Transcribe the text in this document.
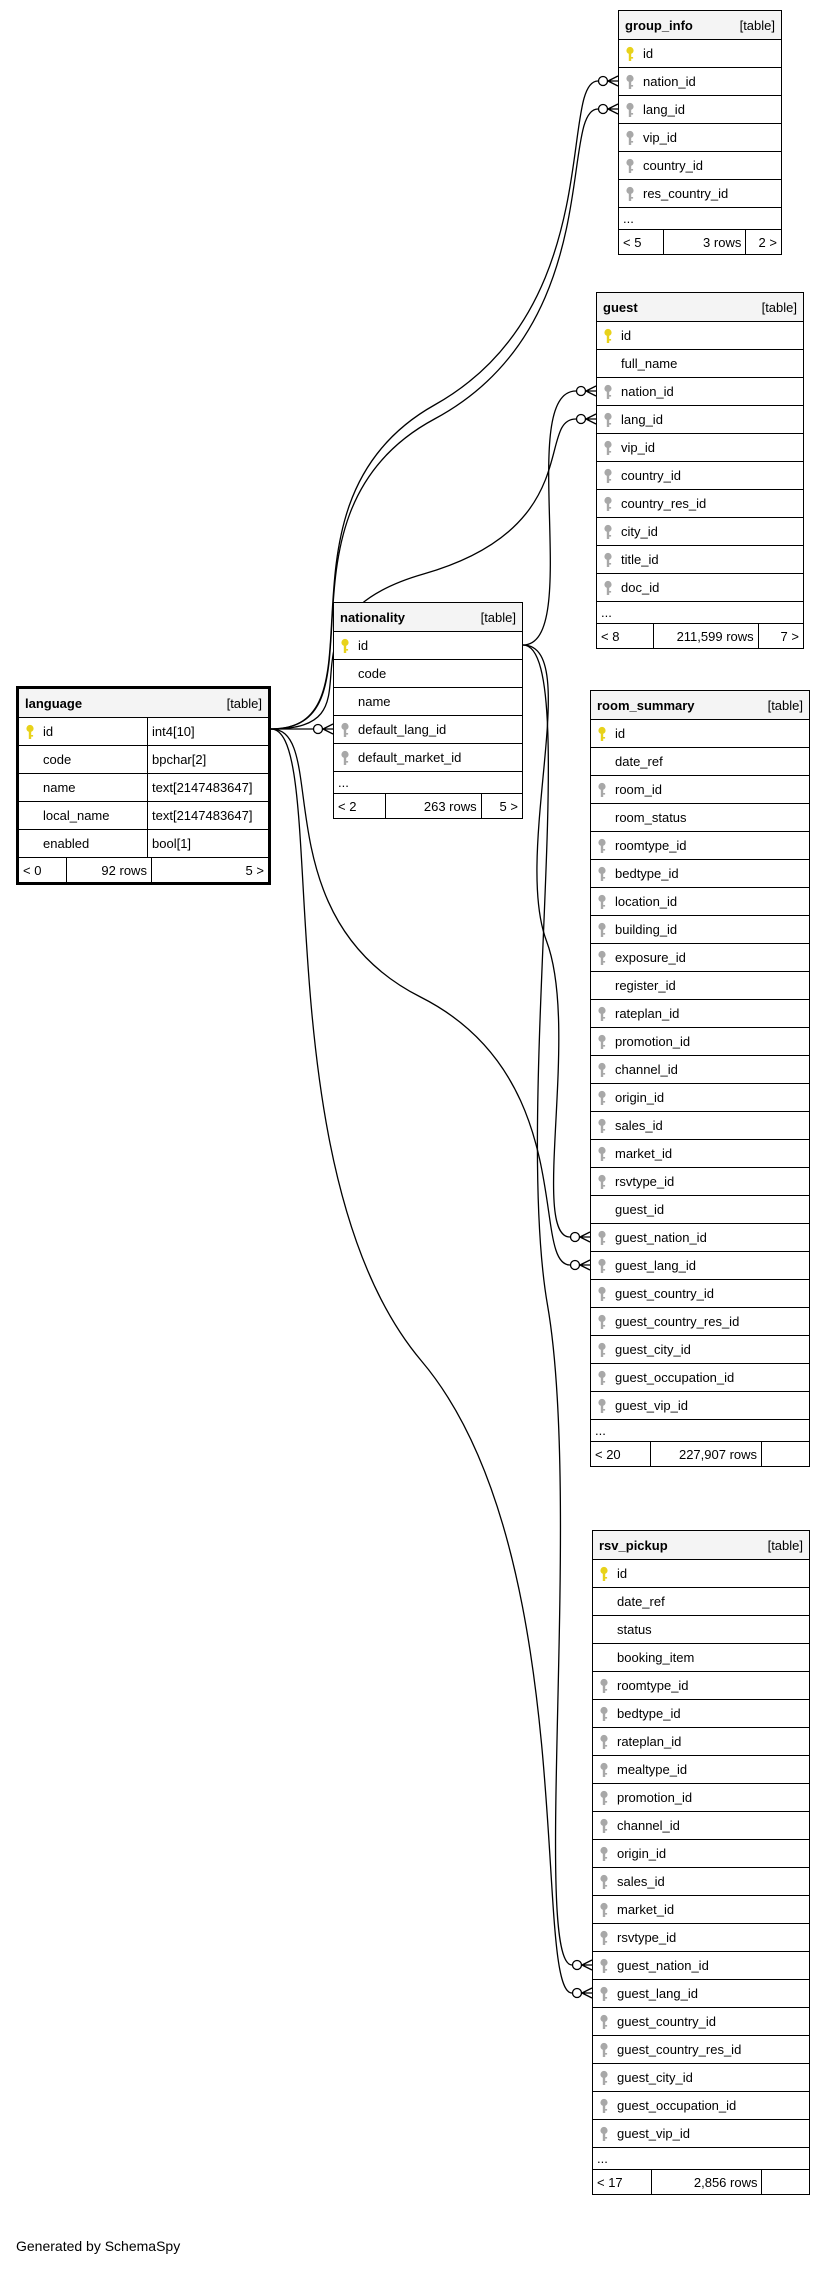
language	[table]
id	int4[10]
code	bpchar[2]
name	text[2147483647]
local_name	text[2147483647]
enabled	bool[1]
< 0	92 rows	5 >
group_info	[table]
id
nation_id
lang_id
vip_id
country_id
res_country_id
...
< 5	3 rows	2 >
guest	[table]
id
full_name
nation_id
lang_id
vip_id
country_id
country_res_id
city_id
title_id
doc_id
...
< 8	211,599 rows	7 >
nationality	[table]
id
code
name
default_lang_id
default_market_id
...
< 2	263 rows	5 >
room_summary	[table]
id
date_ref
room_id
room_status
roomtype_id
bedtype_id
location_id
building_id
exposure_id
register_id
rateplan_id
promotion_id
channel_id
origin_id
sales_id
market_id
rsvtype_id
guest_id
guest_nation_id
guest_lang_id
guest_country_id
guest_country_res_id
guest_city_id
guest_occupation_id
guest_vip_id
...
< 20	227,907 rows
rsv_pickup	[table]
id
date_ref
status
booking_item
roomtype_id
bedtype_id
rateplan_id
mealtype_id
promotion_id
channel_id
origin_id
sales_id
market_id
rsvtype_id
guest_nation_id
guest_lang_id
guest_country_id
guest_country_res_id
guest_city_id
guest_occupation_id
guest_vip_id
...
< 17	2,856 rows
Generated by SchemaSpy
